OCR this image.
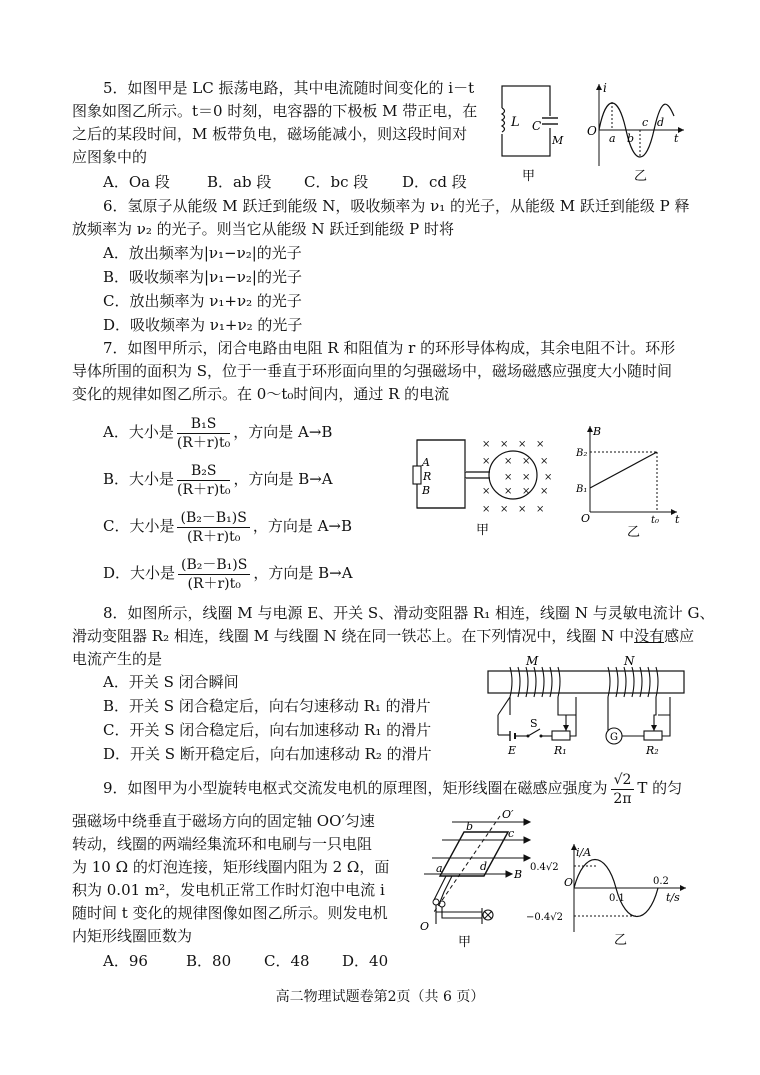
5．如图甲是 LC 振荡电路，其中电流随时间变化的 i－t
图象如图乙所示。t＝0 时刻，电容器的下极板 M 带正电，在
之后的某段时间，M 板带负电，磁场能减小，则这段时间对
应图象中的
A．Oa 段 B．ab 段 C．bc 段 D．cd 段
L C
M
甲
i
O
a b
c d
t
乙
6．氢原子从能级 M 跃迁到能级 N，吸收频率为 ν₁ 的光子，从能级 M 跃迁到能级 P 释
放频率为 ν₂ 的光子。则当它从能级 N 跃迁到能级 P 时将
A．放出频率为|ν₁−ν₂|的光子
B．吸收频率为|ν₁−ν₂|的光子
C．放出频率为 ν₁+ν₂ 的光子
D．吸收频率为 ν₁+ν₂ 的光子
7．如图甲所示，闭合电路由电阻 R 和阻值为 r 的环形导体构成，其余电阻不计。环形
导体所围的面积为 S，位于一垂直于环形面向里的匀强磁场中，磁场磁感应强度大小随时间
变化的规律如图乙所示。在 0～t₀时间内，通过 R 的电流
A．大小是 $\frac{\text{B₁S}}{\text{(R＋r)t₀}}$ ，方向是 A→B
B．大小是 $\frac{\text{B₂S}}{\text{(R＋r)t₀}}$ ，方向是 B→A
C．大小是 $\frac{\text{(B₂－B₁)S}}{\text{(R＋r)t₀}}$ ，方向是 A→B
D．大小是 $\frac{\text{(B₂－B₁)S}}{\text{(R＋r)t₀}}$ ，方向是 B→A
× × × ×
× × × ×
× × ×
× × × ×
× × × ×
A
R
B
甲
B
B₂
B₁
O	t₀ t
乙
8．如图所示，线圈 M 与电源 E、开关 S、滑动变阻器 R₁ 相连，线圈 N 与灵敏电流计 G、
滑动变阻器 R₂ 相连，线圈 M 与线圈 N 绕在同一铁芯上。在下列情况中，线圈 N 中没有感应
电流产生的是
A．开关 S 闭合瞬间
B．开关 S 闭合稳定后，向右匀速移动 R₁ 的滑片
C．开关 S 闭合稳定后，向右加速移动 R₁ 的滑片
D．开关 S 断开稳定后，向右加速移动 R₂ 的滑片
M	N
S
E	R₁
G
R₂
9．如图甲为小型旋转电枢式交流发电机的原理图，矩形线圈在磁感应强度为 $\frac{√2}{2\pi}$ T 的匀
强磁场中绕垂直于磁场方向的固定轴 OO′匀速
转动，线圈的两端经集流环和电刷与一只电阻
为 10 Ω 的灯泡连接，矩形线圈内阻为 2 Ω，面
积为 0.01 m²，发电机正常工作时灯泡中电流 i
随时间 t 变化的规律图像如图乙所示。则发电机
内矩形线圈匝数为
A．96	B．80 C．48 D．40
O′
b
c
a	d
B
O
甲
i/A
0.4√2
−0.4√2
O
0.1
0.2
t/s
乙
高二物理试题卷第2页（共 6 页）
